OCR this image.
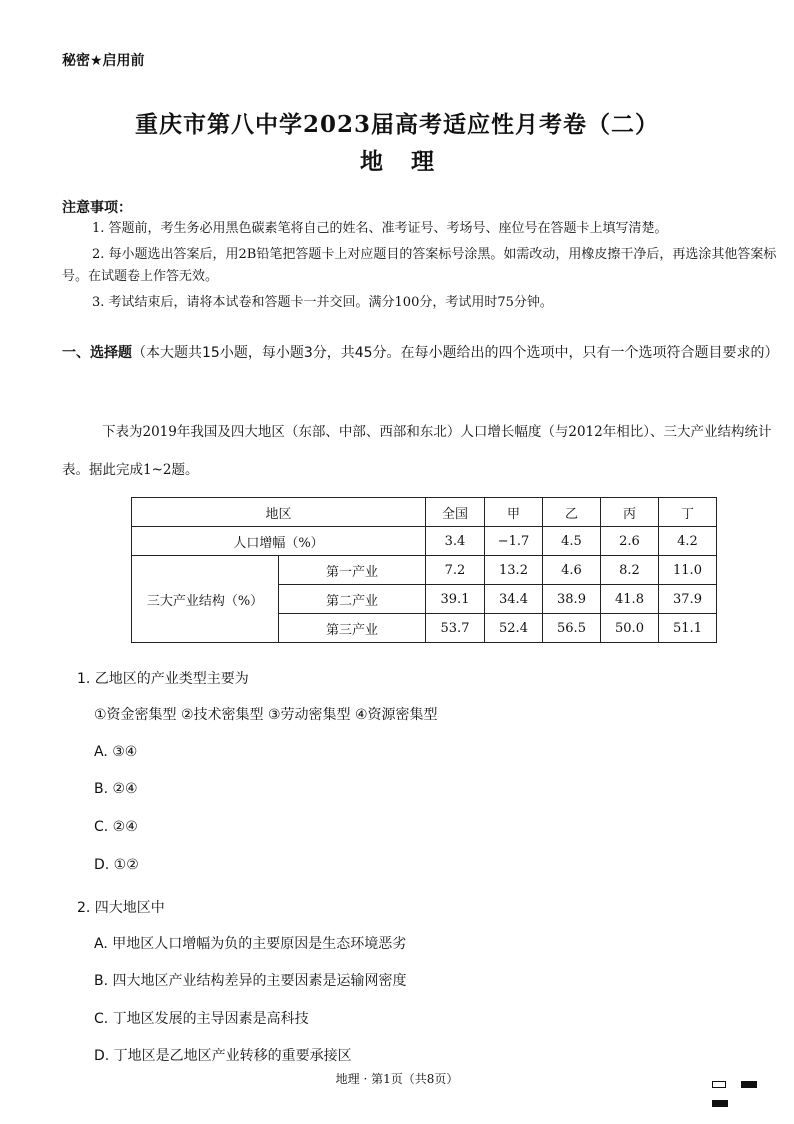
秘密★启用前
重庆市第八中学2023届高考适应性月考卷（二）
地理
注意事项：
1. 答题前，考生务必用黑色碳素笔将自己的姓名、准考证号、考场号、座位号在答题卡上填写清楚。
2. 每小题选出答案后，用2B铅笔把答题卡上对应题目的答案标号涂黑。如需改动，用橡皮擦干净后，再选涂其他答案标号。在试题卷上作答无效。
3. 考试结束后，请将本试卷和答题卡一并交回。满分100分，考试用时75分钟。
一、选择题（本大题共15小题，每小题3分，共45分。在每小题给出的四个选项中，只有一个选项符合题目要求的）
下表为2019年我国及四大地区（东部、中部、西部和东北）人口增长幅度（与2012年相比）、三大产业结构统计表。据此完成1~2题。
地区		全国	甲	乙	丙	丁
人口增幅（%）		3.4	−1.7	4.5	2.6	4.2
三大产业结构（%）	第一产业	7.2	13.2	4.6	8.2	11.0
	第二产业	39.1	34.4	38.9	41.8	37.9
	第三产业	53.7	52.4	56.5	50.0	51.1
1. 乙地区的产业类型主要为
①资金密集型 ②技术密集型 ③劳动密集型 ④资源密集型
A. ③④
B. ②④
C. ②④
D. ①②
2. 四大地区中
A. 甲地区人口增幅为负的主要原因是生态环境恶劣
B. 四大地区产业结构差异的主要因素是运输网密度
C. 丁地区发展的主导因素是高科技
D. 丁地区是乙地区产业转移的重要承接区
地理 · 第1页（共8页）
